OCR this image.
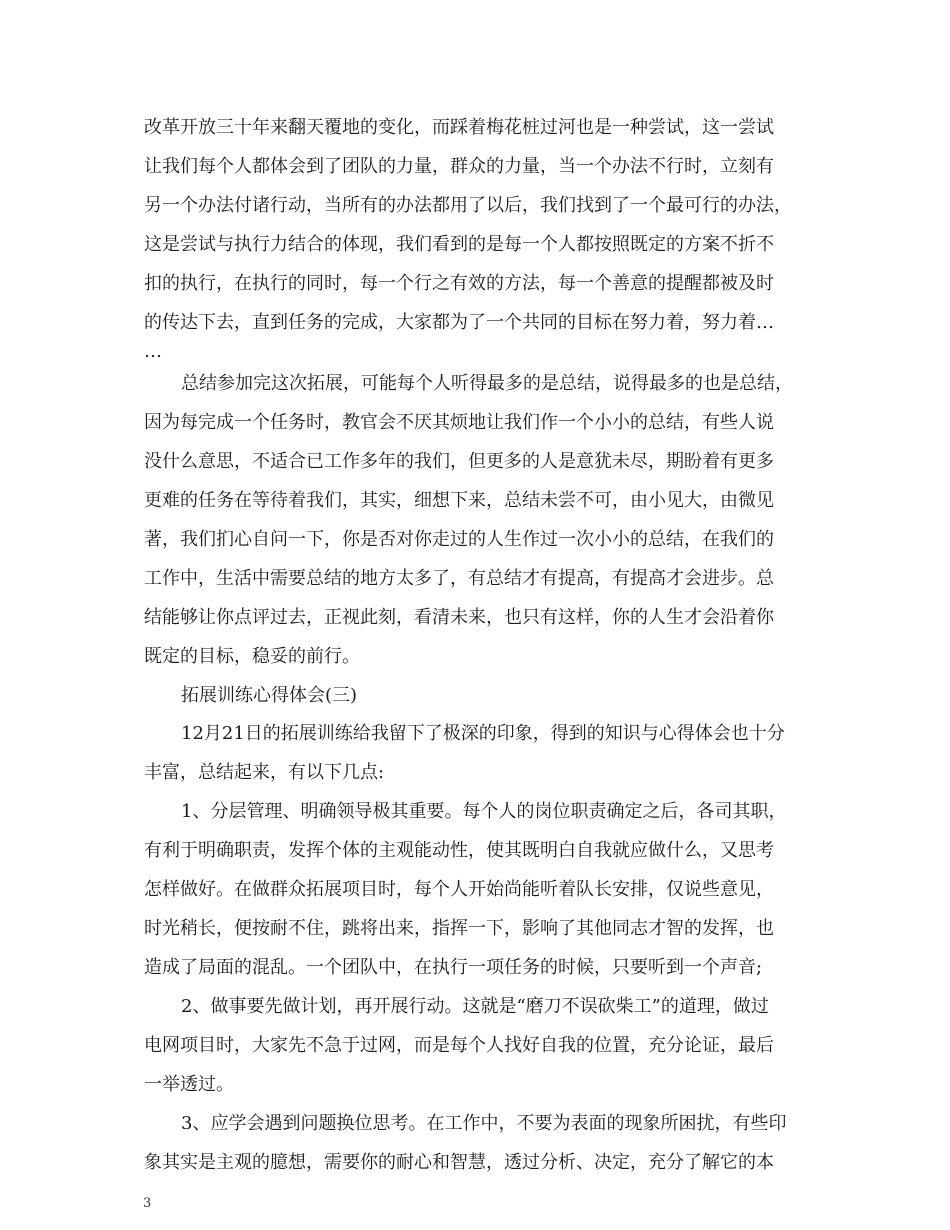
改革开放三十年来翻天覆地的变化，而踩着梅花桩过河也是一种尝试，这一尝试
让我们每个人都体会到了团队的力量，群众的力量，当一个办法不行时，立刻有
另一个办法付诸行动，当所有的办法都用了以后，我们找到了一个最可行的办法，
这是尝试与执行力结合的体现，我们看到的是每一个人都按照既定的方案不折不
扣的执行，在执行的同时，每一个行之有效的方法，每一个善意的提醒都被及时
的传达下去，直到任务的完成，大家都为了一个共同的目标在努力着，努力着…
…
总结参加完这次拓展，可能每个人听得最多的是总结，说得最多的也是总结，
因为每完成一个任务时，教官会不厌其烦地让我们作一个小小的总结，有些人说
没什么意思，不适合已工作多年的我们，但更多的人是意犹未尽，期盼着有更多
更难的任务在等待着我们，其实，细想下来，总结未尝不可，由小见大，由微见
著，我们扪心自问一下，你是否对你走过的人生作过一次小小的总结，在我们的
工作中，生活中需要总结的地方太多了，有总结才有提高，有提高才会进步。总
结能够让你点评过去，正视此刻，看清未来，也只有这样，你的人生才会沿着你
既定的目标，稳妥的前行。
拓展训练心得体会(三)
12月21日的拓展训练给我留下了极深的印象，得到的知识与心得体会也十分
丰富，总结起来，有以下几点:
1、分层管理、明确领导极其重要。每个人的岗位职责确定之后，各司其职，
有利于明确职责，发挥个体的主观能动性，使其既明白自我就应做什么，又思考
怎样做好。在做群众拓展项目时，每个人开始尚能听着队长安排，仅说些意见，
时光稍长，便按耐不住，跳将出来，指挥一下，影响了其他同志才智的发挥，也
造成了局面的混乱。一个团队中，在执行一项任务的时候，只要听到一个声音;
2、做事要先做计划，再开展行动。这就是“磨刀不误砍柴工”的道理，做过
电网项目时，大家先不急于过网，而是每个人找好自我的位置，充分论证，最后
一举透过。
3、应学会遇到问题换位思考。在工作中，不要为表面的现象所困扰，有些印
象其实是主观的臆想，需要你的耐心和智慧，透过分析、决定，充分了解它的本
3
